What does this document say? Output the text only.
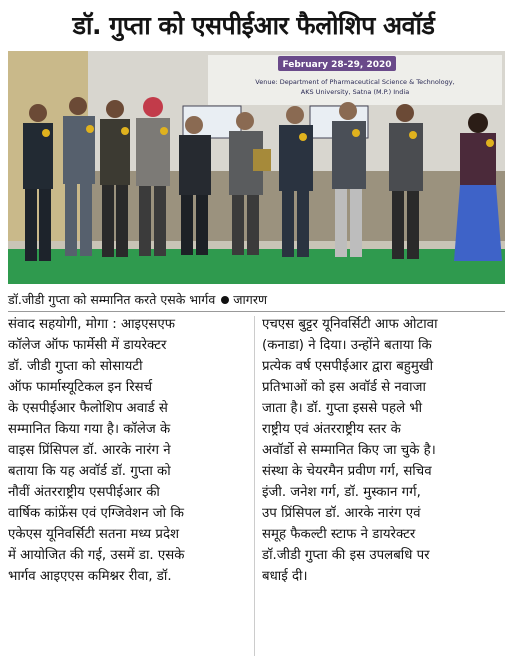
डॉ. गुप्ता को एसपीईआर फैलोशिप अवॉर्ड
February 28-29, 2020
Venue: Department of Pharmaceutical Science & Technology,
AKS University, Satna (M.P.) India
डॉ.जीडी गुप्ता को सम्मानित करते एसके भार्गव जागरण

संवाद सहयोगी, मोगा : आइएसएफ

कॉलेज ऑफ फार्मेसी में डायरेक्टर

डॉ. जीडी गुप्ता को सोसायटी

ऑफ फार्मास्यूटिकल इन रिसर्च

के एसपीईआर फैलोशिप अवार्ड से

सम्मानित किया गया है। कॉलेज के

वाइस प्रिंसिपल डॉ. आरके नारंग ने

बताया कि यह अवॉर्ड डॉ. गुप्ता को

नौवीं अंतरराष्ट्रीय एसपीईआर की

वार्षिक कांफ्रेंस एवं एग्जिवेशन जो कि

एकेएस यूनिवर्सिटी सतना मध्य प्रदेश

में आयोजित की गई, उसमें डा. एसके

भार्गव आइएएस कमिश्नर रीवा, डॉ.

एचएस बुट्टर यूनिवर्सिटी आफ ओटावा

(कनाडा) ने दिया। उन्होंने बताया कि

प्रत्येक वर्ष एसपीईआर द्वारा बहुमुखी

प्रतिभाओं को इस अवॉर्ड से नवाजा

जाता है। डॉ. गुप्ता इससे पहले भी

राष्ट्रीय एवं अंतरराष्ट्रीय स्तर के

अवॉर्डो से सम्मानित किए जा चुके है।

संस्था के चेयरमैन प्रवीण गर्ग, सचिव

इंजी. जनेश गर्ग, डॉ. मुस्कान गर्ग,

उप प्रिंसिपल डॉ. आरके नारंग एवं

समूह फैकल्टी स्टाफ ने डायरेक्टर

डॉ.जीडी गुप्ता की इस उपलबधि पर

बधाई दी।
